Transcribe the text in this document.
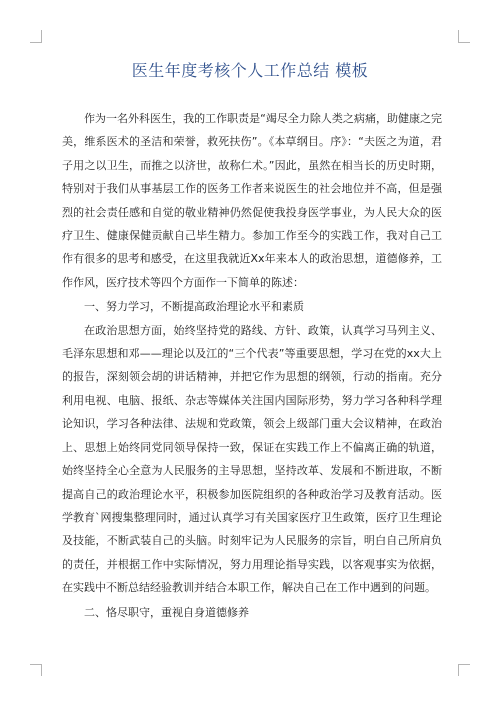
医生年度考核个人工作总结 模板

作为一名外科医生，我的工作职责是“竭尽全力除人类之病痛，助健康之完美，维系医术的圣洁和荣誉，救死扶伤”。《本草纲目。序》：“夫医之为道，君子用之以卫生，而推之以济世，故称仁术。”因此，虽然在相当长的历史时期，特别对于我们从事基层工作的医务工作者来说医生的社会地位并不高，但是强烈的社会责任感和自觉的敬业精神仍然促使我投身医学事业，为人民大众的医疗卫生、健康保健贡献自己毕生精力。参加工作至今的实践工作，我对自己工作有很多的思考和感受，在这里我就近Xx年来本人的政治思想，道德修养，工作作风，医疗技术等四个方面作一下简单的陈述：

一、努力学习，不断提高政治理论水平和素质

在政治思想方面，始终坚持党的路线、方针、政策，认真学习马列主义、毛泽东思想和邓——理论以及江的“三个代表”等重要思想，学习在党的xx大上的报告，深刻领会胡的讲话精神，并把它作为思想的纲领，行动的指南。充分利用电视、电脑、报纸、杂志等媒体关注国内国际形势，努力学习各种科学理论知识，学习各种法律、法规和党政策，领会上级部门重大会议精神，在政治上、思想上始终同党同领导保持一致，保证在实践工作上不偏离正确的轨道，始终坚持全心全意为人民服务的主导思想，坚持改革、发展和不断进取，不断提高自己的政治理论水平，积极参加医院组织的各种政治学习及教育活动。医学教育`网搜集整理同时，通过认真学习有关国家医疗卫生政策，医疗卫生理论及技能，不断武装自己的头脑。时刻牢记为人民服务的宗旨，明白自己所肩负的责任，并根据工作中实际情况，努力用理论指导实践，以客观事实为依据，在实践中不断总结经验教训并结合本职工作，解决自己在工作中遇到的问题。

二、恪尽职守，重视自身道德修养
